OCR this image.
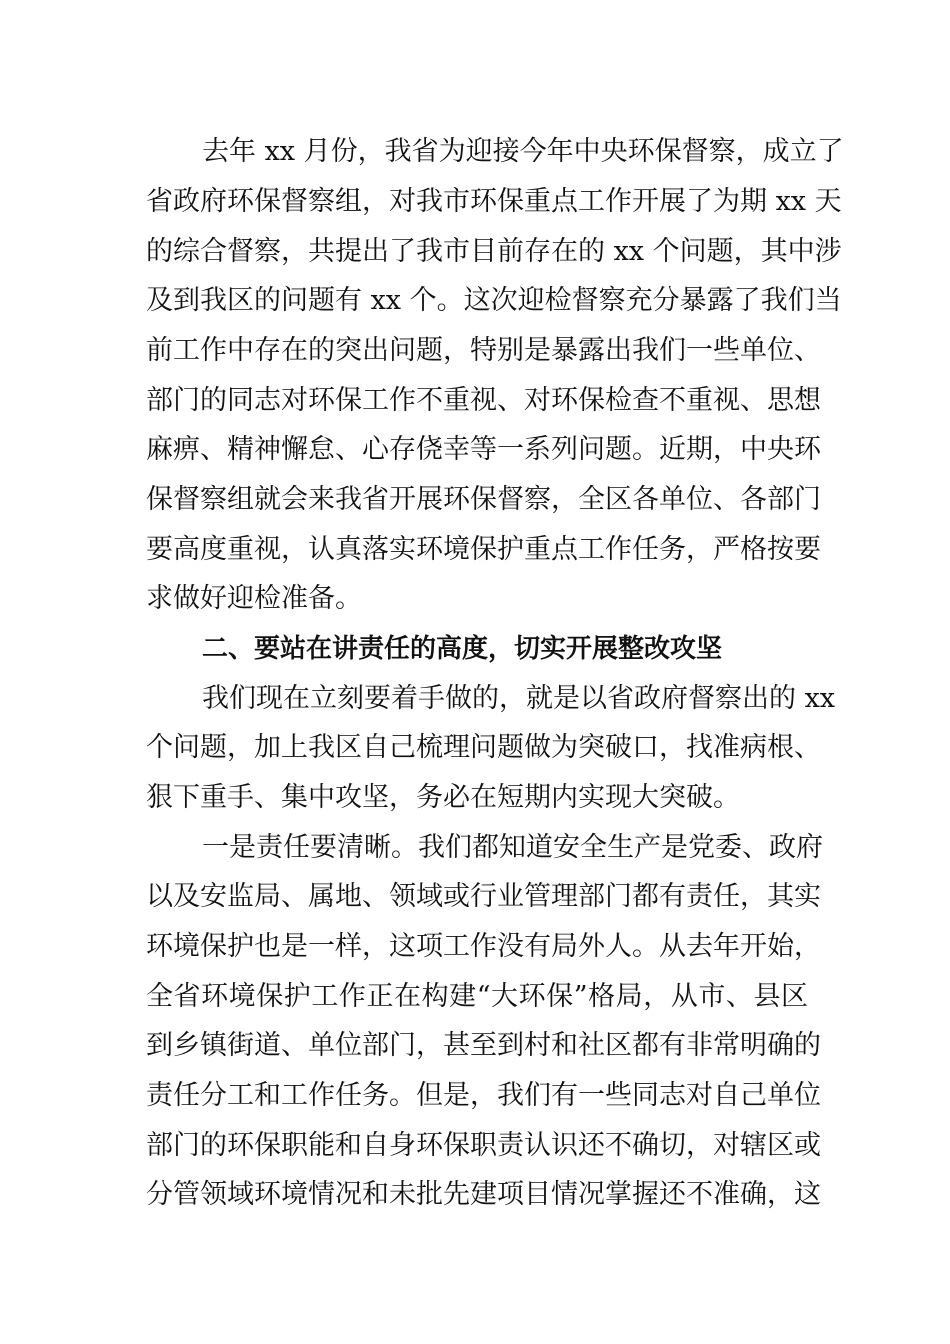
去年 xx 月份，我省为迎接今年中央环保督察，成立了
省政府环保督察组，对我市环保重点工作开展了为期 xx 天
的综合督察，共提出了我市目前存在的 xx 个问题，其中涉
及到我区的问题有 xx 个。这次迎检督察充分暴露了我们当
前工作中存在的突出问题，特别是暴露出我们一些单位、
部门的同志对环保工作不重视、对环保检查不重视、思想
麻痹、精神懈怠、心存侥幸等一系列问题。近期，中央环
保督察组就会来我省开展环保督察，全区各单位、各部门
要高度重视，认真落实环境保护重点工作任务，严格按要
求做好迎检准备。
二、要站在讲责任的高度，切实开展整改攻坚
我们现在立刻要着手做的，就是以省政府督察出的 xx
个问题，加上我区自己梳理问题做为突破口，找准病根、
狠下重手、集中攻坚，务必在短期内实现大突破。
一是责任要清晰。我们都知道安全生产是党委、政府
以及安监局、属地、领域或行业管理部门都有责任，其实
环境保护也是一样，这项工作没有局外人。从去年开始，
全省环境保护工作正在构建“大环保”格局，从市、县区
到乡镇街道、单位部门，甚至到村和社区都有非常明确的
责任分工和工作任务。但是，我们有一些同志对自己单位
部门的环保职能和自身环保职责认识还不确切，对辖区或
分管领域环境情况和未批先建项目情况掌握还不准确，这
